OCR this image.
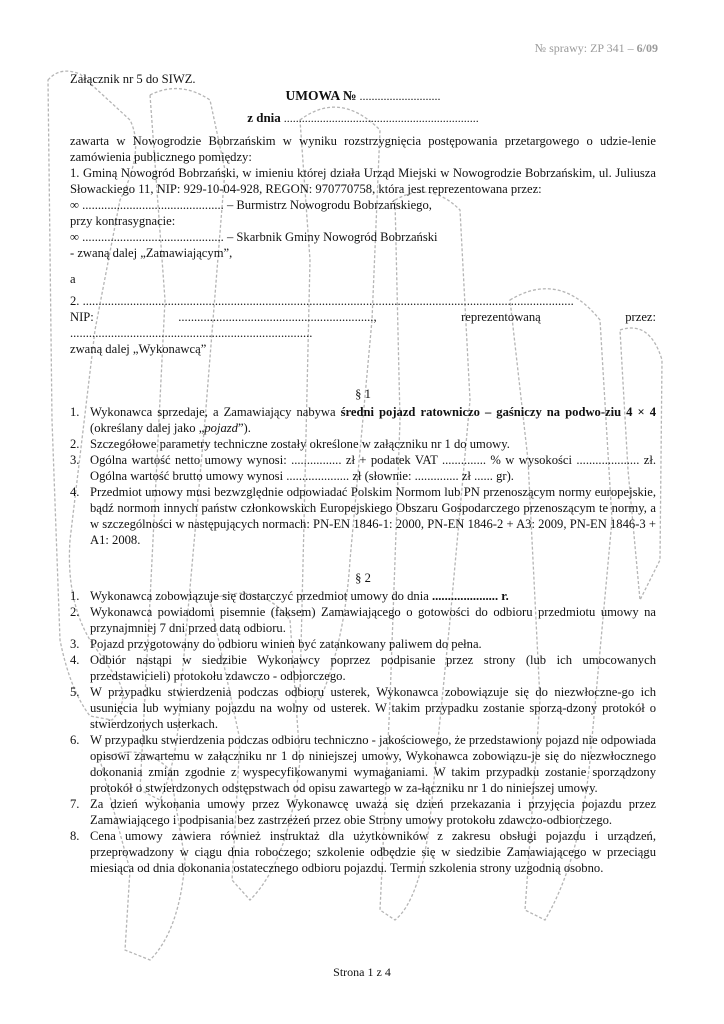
№ sprawy: ZP 341 – 6/09
Załącznik nr 5 do SIWZ.
UMOWA № ...........................
z dnia .................................................................

zawarta w Nowogrodzie Bobrzańskim w wyniku rozstrzygnięcia postępowania przetargowego o udzie-lenie zamówienia publicznego pomiędzy:

1. Gminą Nowogród Bobrzański, w imieniu której działa Urząd Miejski w Nowogrodzie Bobrzańskim, ul. Juliusza Słowackiego 11, NIP: 929-10-04-928, REGON: 970770758, która jest reprezentowana przez:

∞ ............................................. – Burmistrz Nowogrodu Bobrzańskiego,

przy kontrasygnacie:

∞ ............................................. – Skarbnik Gminy Nowogród Bobrzański

- zwaną dalej „Zamawiającym”,

a

2. ............................................................................................................................................................

NIP: .............................................................., reprezentowaną przez: .............................................................................

zwaną dalej „Wykonawcą”

§ 1
1. Wykonawca sprzedaje, a Zamawiający nabywa średni pojazd ratowniczo – gaśniczy na podwo-ziu 4 × 4 (określany dalej jako „pojazd”).
2. Szczegółowe parametry techniczne zostały określone w załączniku nr 1 do umowy.
3. Ogólna wartość netto umowy wynosi: ................ zł + podatek VAT .............. % w wysokości .................... zł. Ogólna wartość brutto umowy wynosi .................... zł (słownie: .............. zł ...... gr).
4. Przedmiot umowy musi bezwzględnie odpowiadać Polskim Normom lub PN przenoszącym normy europejskie, bądź normom innych państw członkowskich Europejskiego Obszaru Gospodarczego przenoszącym te normy, a w szczególności w następujących normach: PN-EN 1846-1: 2000, PN-EN 1846-2 + A3: 2009, PN-EN 1846-3 + A1: 2008.
§ 2
1. Wykonawca zobowiązuje się dostarczyć przedmiot umowy do dnia ..................... r.
2. Wykonawca powiadomi pisemnie (faksem) Zamawiającego o gotowości do odbioru przedmiotu umowy na przynajmniej 7 dni przed datą odbioru.
3. Pojazd przygotowany do odbioru winien być zatankowany paliwem do pełna.
4. Odbiór nastąpi w siedzibie Wykonawcy poprzez podpisanie przez strony (lub ich umocowanych przedstawicieli) protokołu zdawczo - odbiorczego.
5. W przypadku stwierdzenia podczas odbioru usterek, Wykonawca zobowiązuje się do niezwłoczne-go ich usunięcia lub wymiany pojazdu na wolny od usterek. W takim przypadku zostanie sporzą-dzony protokół o stwierdzonych usterkach.
6. W przypadku stwierdzenia podczas odbioru techniczno - jakościowego, że przedstawiony pojazd nie odpowiada opisowi zawartemu w załączniku nr 1 do niniejszej umowy, Wykonawca zobowiązu-je się do niezwłocznego dokonania zmian zgodnie z wyspecyfikowanymi wymaganiami. W takim przypadku zostanie sporządzony protokół o stwierdzonych odstępstwach od opisu zawartego w za-łączniku nr 1 do niniejszej umowy.
7. Za dzień wykonania umowy przez Wykonawcę uważa się dzień przekazania i przyjęcia pojazdu przez Zamawiającego i podpisania bez zastrzeżeń przez obie Strony umowy protokołu zdawczo-odbiorczego.
8. Cena umowy zawiera również instruktaż dla użytkowników z zakresu obsługi pojazdu i urządzeń, przeprowadzony w ciągu dnia roboczego; szkolenie odbędzie się w siedzibie Zamawiającego w przeciągu miesiąca od dnia dokonania ostatecznego odbioru pojazdu. Termin szkolenia strony uzgodnią osobno.
Strona 1 z 4
